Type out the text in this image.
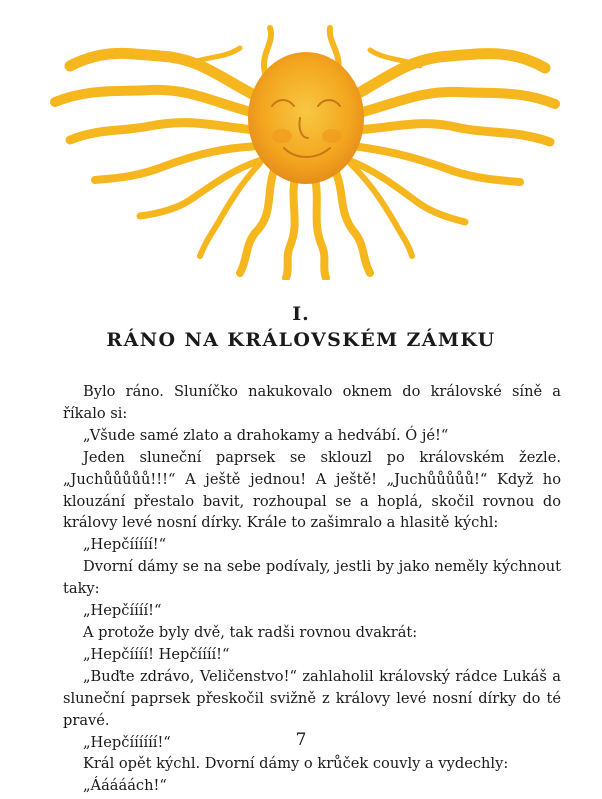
I.
RÁNO NA KRÁLOVSKÉM ZÁMKU

Bylo ráno. Sluníčko nakukovalo oknem do královské síně a říkalo si:

„Všude samé zlato a drahokamy a hedvábí. Ó jé!“

Jeden sluneční paprsek se sklouzl po královském žezle. „Juchůůůůů!!!“ A ještě jednou! A ještě! „Juchůůůůů!“ Když ho klouzání přestalo bavit, rozhoupal se a hoplá, skočil rovnou do královy levé nosní dírky. Krále to zašimralo a hlasitě kýchl:

„Hepčííííí!“

Dvorní dámy se na sebe podívaly, jestli by jako neměly kýchnout taky:

„Hepčíííí!“

A protože byly dvě, tak radši rovnou dvakrát:

„Hepčíííí! Hepčíííí!“

„Buďte zdrávo, Veličenstvo!“ zahlaholil královský rádce Lukáš a sluneční paprsek přeskočil svižně z královy levé nosní dírky do té pravé.

„Hepčíííííí!“

Král opět kýchl. Dvorní dámy o krůček couvly a vydechly:

„Ááááách!“

7
